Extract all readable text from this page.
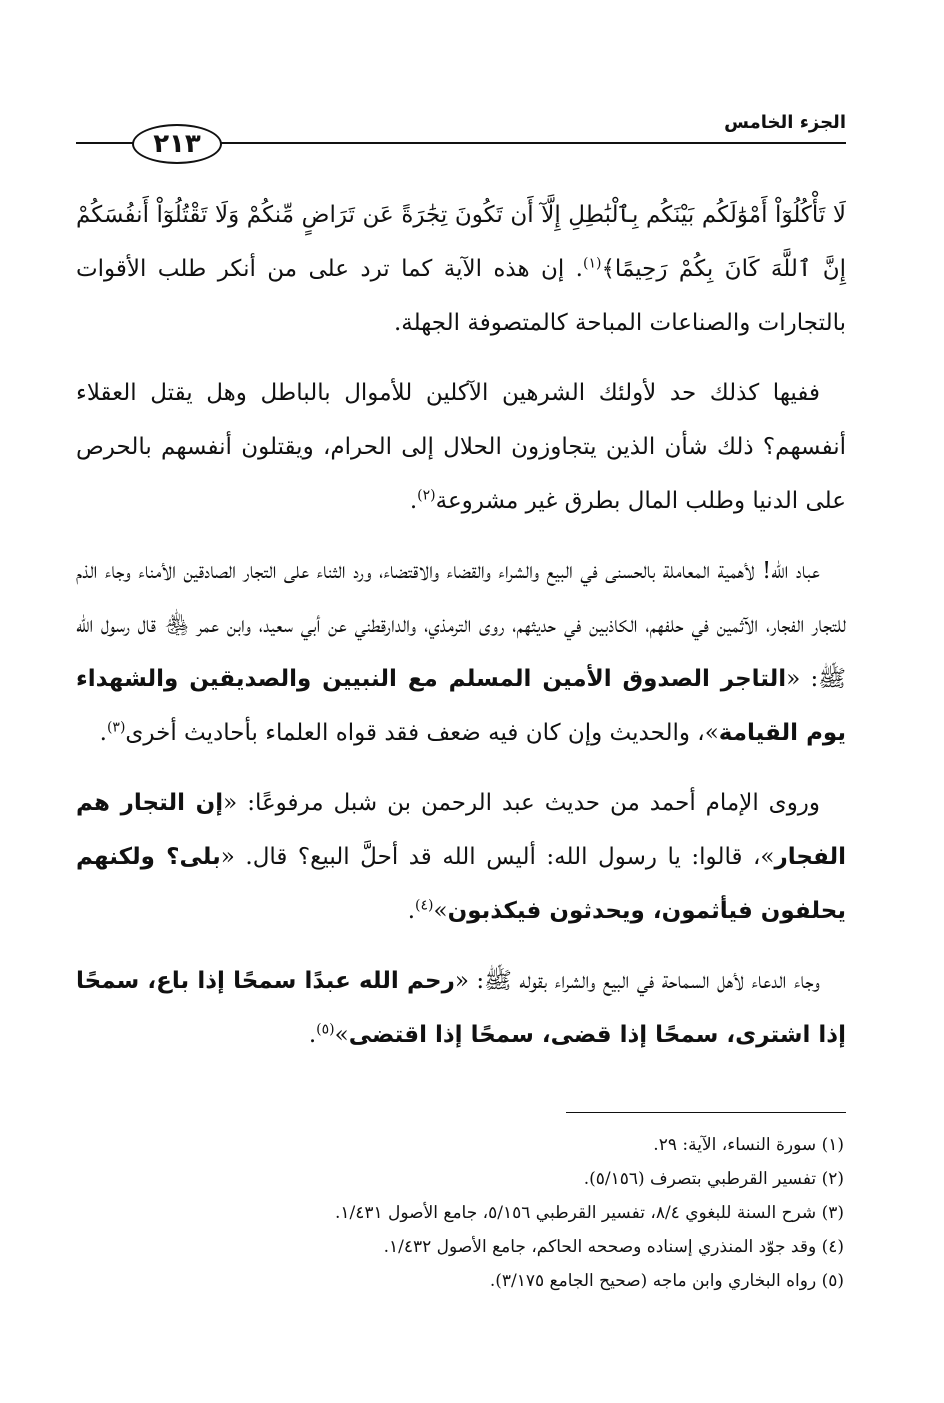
الجزء الخامس
٢١٣

لَا تَأْكُلُوٓاْ أَمْوَٰلَكُم بَيْنَكُم بِٱلْبَٰطِلِ إِلَّآ أَن تَكُونَ تِجَٰرَةً عَن تَرَاضٍ مِّنكُمْ وَلَا تَقْتُلُوٓاْ أَنفُسَكُمْ إِنَّ ٱللَّهَ كَانَ بِكُمْ رَحِيمًا﴾$^{(١)}$. إن هذه الآية كما ترد على من أنكر طلب الأقوات بالتجارات والصناعات المباحة كالمتصوفة الجهلة.

ففيها كذلك حد لأولئك الشرهين الآكلين للأموال بالباطل وهل يقتل العقلاء أنفسهم؟ ذلك شأن الذين يتجاوزون الحلال إلى الحرام، ويقتلون أنفسهم بالحرص على الدنيا وطلب المال بطرق غير مشروعة$^{(٢)}$.

عباد الله! لأهمية المعاملة بالحسنى في البيع والشراء والقضاء والاقتضاء، ورد الثناء على التجار الصادقين الأمناء وجاء الذم للتجار الفجار، الآثمين في حلفهم، الكاذبين في حديثهم، روى الترمذي، والدارقطني عن أبي سعيد، وابن عمر ﵃ قال رسول الله ﷺ: «التاجر الصدوق الأمين المسلم مع النبيين والصديقين والشهداء يوم القيامة»، والحديث وإن كان فيه ضعف فقد قواه العلماء بأحاديث أخرى$^{(٣)}$.

وروى الإمام أحمد من حديث عبد الرحمن بن شبل مرفوعًا: «إن التجار هم الفجار»، قالوا: يا رسول الله: أليس الله قد أحلَّ البيع؟ قال. «بلى؟ ولكنهم يحلفون فيأثمون، ويحدثون فيكذبون»$^{(٤)}$.

وجاء الدعاء لأهل السماحة في البيع والشراء بقوله ﷺ: «رحم الله عبدًا سمحًا إذا باع، سمحًا إذا اشترى، سمحًا إذا قضى، سمحًا إذا اقتضى»$^{(٥)}$.

(١) سورة النساء، الآية: ٢٩.

(٢) تفسير القرطبي بتصرف (٥/١٥٦).

(٣) شرح السنة للبغوي ٨/٤، تفسير القرطبي ٥/١٥٦، جامع الأصول ١/٤٣١.

(٤) وقد جوّد المنذري إسناده وصححه الحاكم، جامع الأصول ١/٤٣٢.

(٥) رواه البخاري وابن ماجه (صحيح الجامع ٣/١٧٥).
